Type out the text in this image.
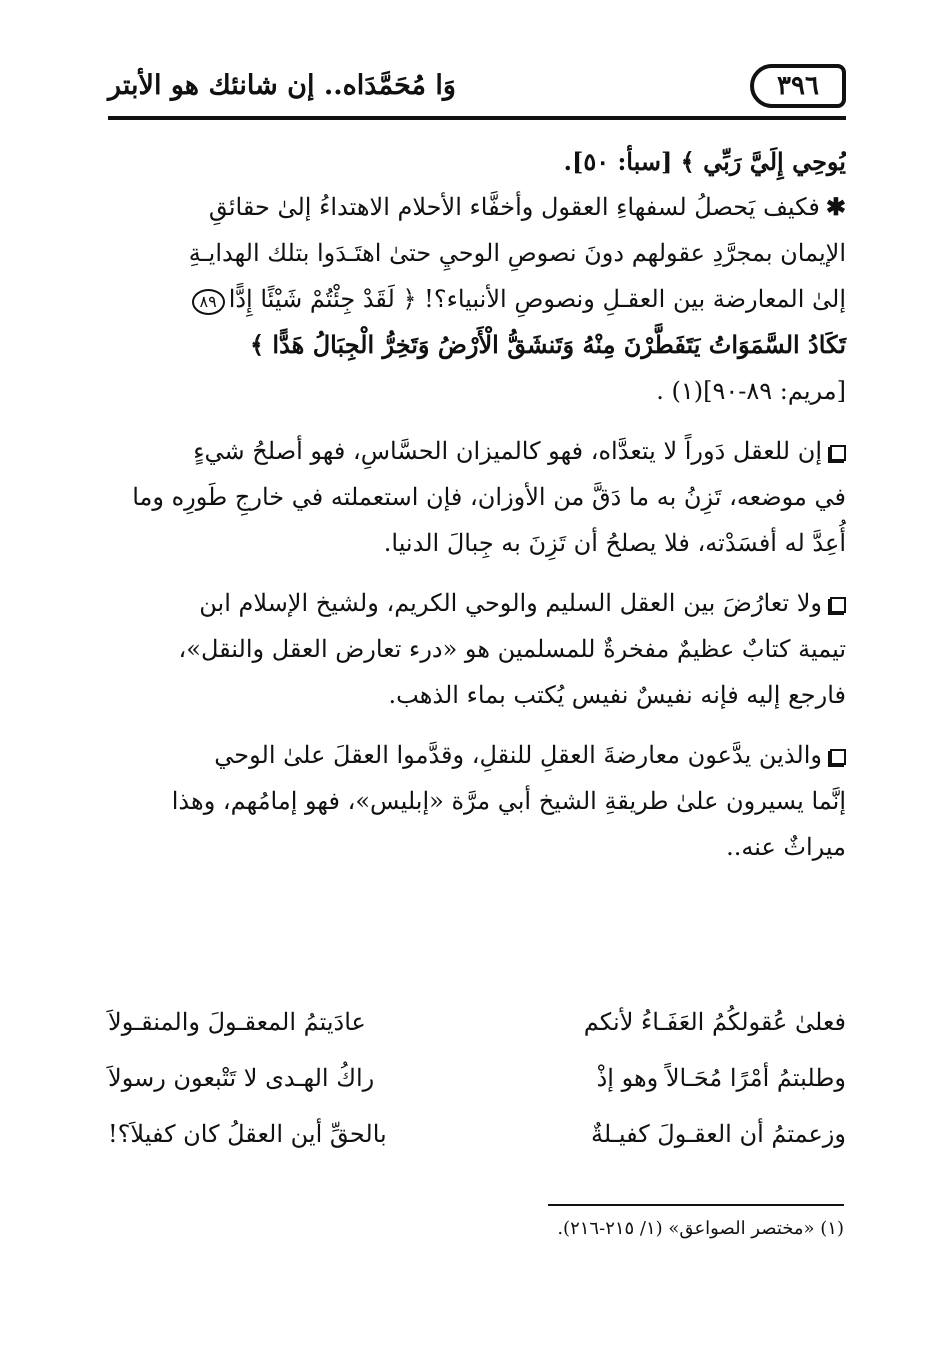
٣٩٦
وَا مُحَمَّدَاه.. إن شانئك هو الأبتر

يُوحِي إِلَيَّ رَبِّي ﴾ [سبأ: ٥٠].

✱فكيف يَحصلُ لسفهاءِ العقول وأخفَّاء الأحلام الاهتداءُ إلىٰ حقائقِ

الإيمان بمجرَّدِ عقولهم دونَ نصوصِ الوحيِ حتىٰ اهتَـدَوا بتلك الهدايـةِ

إلىٰ المعارضة بين العقـلِ ونصوصِ الأنبياء؟! ﴿ لَقَدْ جِئْتُمْ شَيْئًا إِدًّا٨٩

تَكَادُ السَّمَوَاتُ يَتَفَطَّرْنَ مِنْهُ وَتَنشَقُّ الْأَرْضُ وَتَخِرُّ الْجِبَالُ هَدًّا ﴾

[مريم: ٨٩-٩٠](١) .

إن للعقل دَوراً لا يتعدَّاه، فهو كالميزان الحسَّاسِ، فهو أصلحُ شيءٍ

في موضعه، تَزِنُ به ما دَقَّ من الأوزان، فإن استعملته في خارجِ طَورِه وما

أُعِدَّ له أفسَدْته، فلا يصلحُ أن تَزِنَ به جِبالَ الدنيا.

ولا تعارُضَ بين العقل السليم والوحي الكريم، ولشيخ الإسلام ابن

تيمية كتابٌ عظيمٌ مفخرةٌ للمسلمين هو «درء تعارض العقل والنقل»،

فارجع إليه فإنه نفيسٌ نفيس يُكتب بماء الذهب.

والذين يدَّعون معارضةَ العقلِ للنقلِ، وقدَّموا العقلَ علىٰ الوحي

إنَّما يسيرون علىٰ طريقةِ الشيخ أبي مرَّة «إبليس»، فهو إمامُهم، وهذا

ميراثٌ عنه..

فعلىٰ عُقولكُمُ العَفَـاءُ لأنكم
عادَيتمُ المعقـولَ والمنقـولاَ
وطلبتمُ أمْرًا مُحَـالاً وهو إذْ
راكُ الهـدى لا تَتْبعون رسولاَ
وزعمتمُ أن العقـولَ كفيـلةٌ
بالحقِّ أين العقلُ كان كفيلاَ؟!
(١) «مختصر الصواعق» (١/ ٢١٥-٢١٦).
